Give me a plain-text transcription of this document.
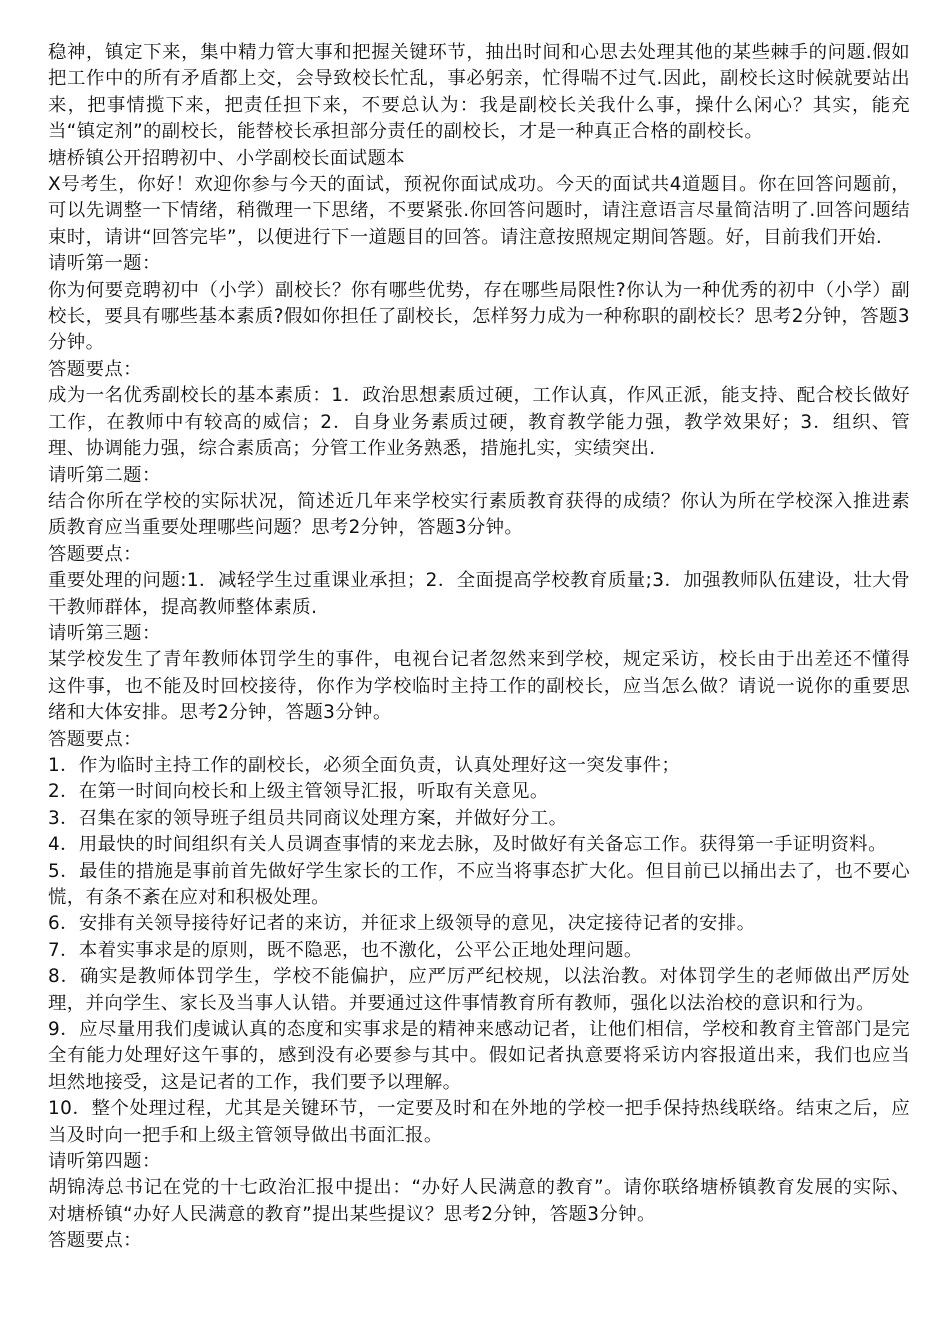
稳神，镇定下来，集中精力管大事和把握关键环节，抽出时间和心思去处理其他的某些棘手的问题.假如把工作中的所有矛盾都上交，会导致校长忙乱，事必躬亲，忙得喘不过气.因此，副校长这时候就要站出来，把事情揽下来，把责任担下来，不要总认为：我是副校长关我什么事，操什么闲心？其实，能充当“镇定剂”的副校长，能替校长承担部分责任的副校长，才是一种真正合格的副校长。

塘桥镇公开招聘初中、小学副校长面试题本

X号考生，你好！欢迎你参与今天的面试，预祝你面试成功。今天的面试共4道题目。你在回答问题前，可以先调整一下情绪，稍微理一下思绪，不要紧张.你回答问题时，请注意语言尽量简洁明了.回答问题结束时，请讲“回答完毕”，以便进行下一道题目的回答。请注意按照规定期间答题。好，目前我们开始.

请听第一题：

你为何要竞聘初中（小学）副校长？你有哪些优势，存在哪些局限性?你认为一种优秀的初中（小学）副校长，要具有哪些基本素质?假如你担任了副校长，怎样努力成为一种称职的副校长？思考2分钟，答题3分钟。

答题要点：

成为一名优秀副校长的基本素质：1．政治思想素质过硬，工作认真，作风正派，能支持、配合校长做好工作，在教师中有较高的威信；2．自身业务素质过硬，教育教学能力强，教学效果好；3．组织、管理、协调能力强，综合素质高；分管工作业务熟悉，措施扎实，实绩突出.

请听第二题：

结合你所在学校的实际状况，简述近几年来学校实行素质教育获得的成绩？你认为所在学校深入推进素质教育应当重要处理哪些问题？思考2分钟，答题3分钟。

答题要点：

重要处理的问题:1．减轻学生过重课业承担；2．全面提高学校教育质量;3．加强教师队伍建设，壮大骨干教师群体，提高教师整体素质.

请听第三题：

某学校发生了青年教师体罚学生的事件，电视台记者忽然来到学校，规定采访，校长由于出差还不懂得这件事，也不能及时回校接待，你作为学校临时主持工作的副校长，应当怎么做？请说一说你的重要思绪和大体安排。思考2分钟，答题3分钟。

答题要点：

1．作为临时主持工作的副校长，必须全面负责，认真处理好这一突发事件；

2．在第一时间向校长和上级主管领导汇报，听取有关意见。

3．召集在家的领导班子组员共同商议处理方案，并做好分工。

4．用最快的时间组织有关人员调查事情的来龙去脉，及时做好有关备忘工作。获得第一手证明资料。

5．最佳的措施是事前首先做好学生家长的工作，不应当将事态扩大化。但目前已以捅出去了，也不要心慌，有条不紊在应对和积极处理。

6．安排有关领导接待好记者的来访，并征求上级领导的意见，决定接待记者的安排。

7．本着实事求是的原则，既不隐恶，也不激化，公平公正地处理问题。

8．确实是教师体罚学生，学校不能偏护，应严厉严纪校规，以法治教。对体罚学生的老师做出严厉处理，并向学生、家长及当事人认错。并要通过这件事情教育所有教师，强化以法治校的意识和行为。

9．应尽量用我们虔诚认真的态度和实事求是的精神来感动记者，让他们相信，学校和教育主管部门是完全有能力处理好这午事的，感到没有必要参与其中。假如记者执意要将采访内容报道出来，我们也应当坦然地接受，这是记者的工作，我们要予以理解。

10．整个处理过程，尤其是关键环节，一定要及时和在外地的学校一把手保持热线联络。结束之后，应当及时向一把手和上级主管领导做出书面汇报。

请听第四题：

胡锦涛总书记在党的十七政治汇报中提出：“办好人民满意的教育”。请你联络塘桥镇教育发展的实际、对塘桥镇“办好人民满意的教育”提出某些提议？思考2分钟，答题3分钟。

答题要点：
